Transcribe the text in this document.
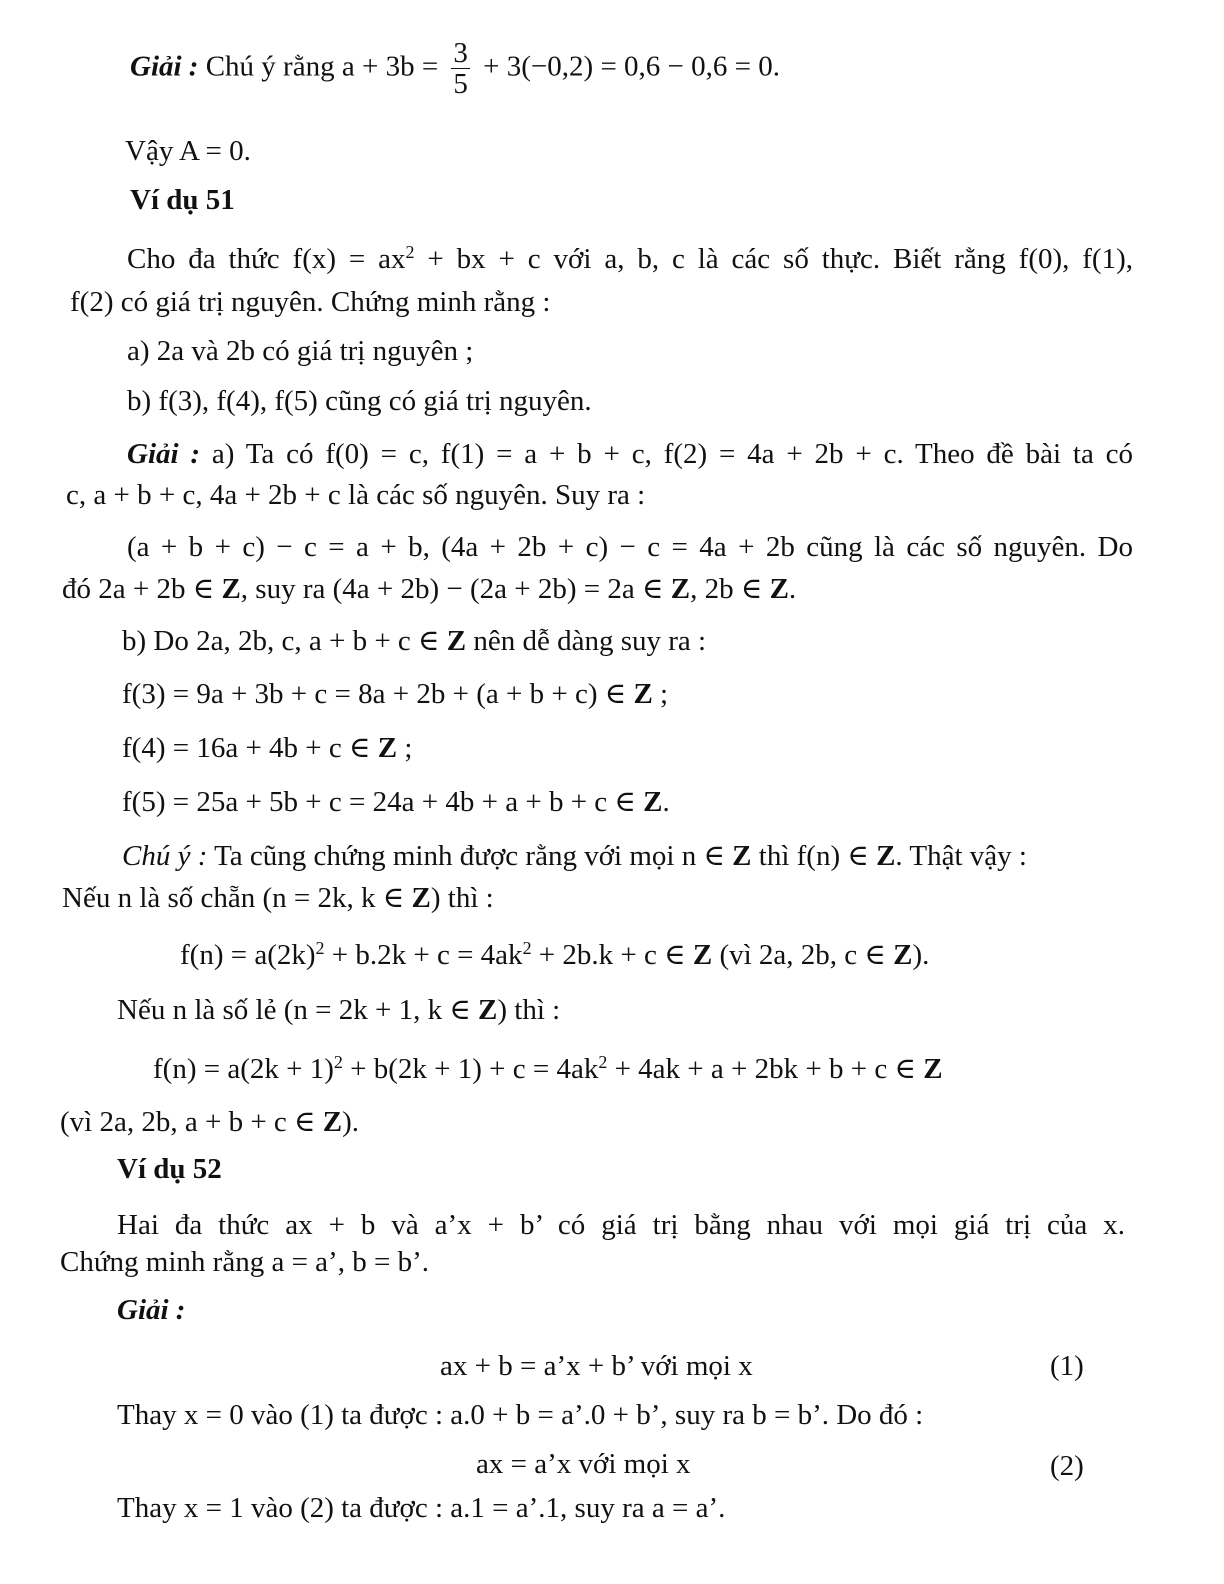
Giải : Chú ý rằng $a + 3b = \frac{3}{5} + 3(-0,2) = 0,6 - 0,6 = 0$.
Vậy A = 0.
Ví dụ 51
Cho đa thức $f(x) = ax^2$ + bx + c với a, b, c là các số thực. Biết rằng f(0), f(1),
f(2) có giá trị nguyên. Chứng minh rằng :
a) 2a và 2b có giá trị nguyên ;
b) f(3), f(4), f(5) cũng có giá trị nguyên.
Giải : a) Ta có f(0) = c, f(1) = a + b + c, f(2) = 4a + 2b + c. Theo đề bài ta có
c, a + b + c, 4a + 2b + c là các số nguyên. Suy ra :
(a + b + c) − c = a + b, (4a + 2b + c) − c = 4a + 2b cũng là các số nguyên. Do
đó 2a + 2b ∈ Z, suy ra (4a + 2b) − (2a + 2b) = 2a ∈ Z, 2b ∈ Z.
b) Do 2a, 2b, c, a + b + c ∈ Z nên dễ dàng suy ra :
f(3) = 9a + 3b + c = 8a + 2b + (a + b + c) ∈ Z ;
f(4) = 16a + 4b + c ∈ Z ;
f(5) = 25a + 5b + c = 24a + 4b + a + b + c ∈ Z.
Chú ý : Ta cũng chứng minh được rằng với mọi n ∈ Z thì f(n) ∈ Z. Thật vậy :
Nếu n là số chẵn (n = 2k, k ∈ Z) thì :
$f(n) = a(2k)^2 + b.2k + c = 4ak^2 + 2b.k + c$ ∈ Z (vì 2a, 2b, c ∈ Z).
Nếu n là số lẻ (n = 2k + 1, k ∈ Z) thì :
$f(n) = a(2k + 1)^2 + b(2k + 1) + c = 4ak^2 + 4ak + a + 2bk + b + c$ ∈ Z
(vì 2a, 2b, a + b + c ∈ Z).
Ví dụ 52
Hai đa thức ax + b và a’x + b’ có giá trị bằng nhau với mọi giá trị của x.
Chứng minh rằng a = a’, b = b’.
Giải :
ax + b = a’x + b’ với mọi x	(1)
Thay x = 0 vào (1) ta được : a.0 + b = a’.0 + b’, suy ra b = b’. Do đó :
ax = a’x với mọi x	(2)
Thay x = 1 vào (2) ta được : a.1 = a’.1, suy ra a = a’.
